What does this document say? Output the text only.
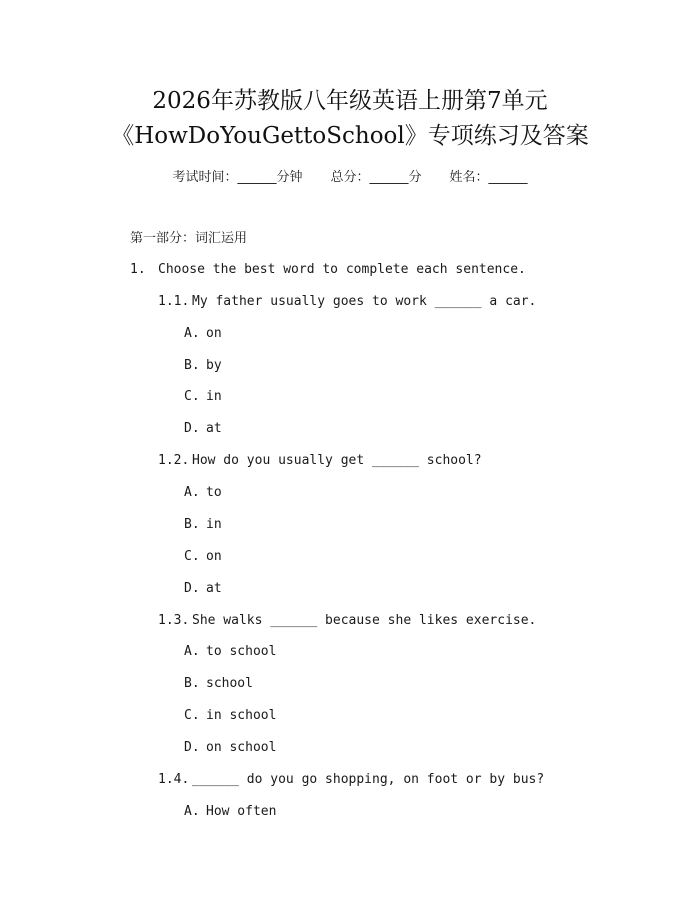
2026年苏教版八年级英语上册第7单元
《HowDoYouGettoSchool》专项练习及答案
考试时间：______分钟 总分：______分 姓名：______
第一部分：词汇运用
1. Choose the best word to complete each sentence.
1.1. My father usually goes to work ______ a car.
A. on
B. by
C. in
D. at
1.2. How do you usually get ______ school?
A. to
B. in
C. on
D. at
1.3. She walks ______ because she likes exercise.
A. to school
B. school
C. in school
D. on school
1.4. ______ do you go shopping, on foot or by bus?
A. How often
